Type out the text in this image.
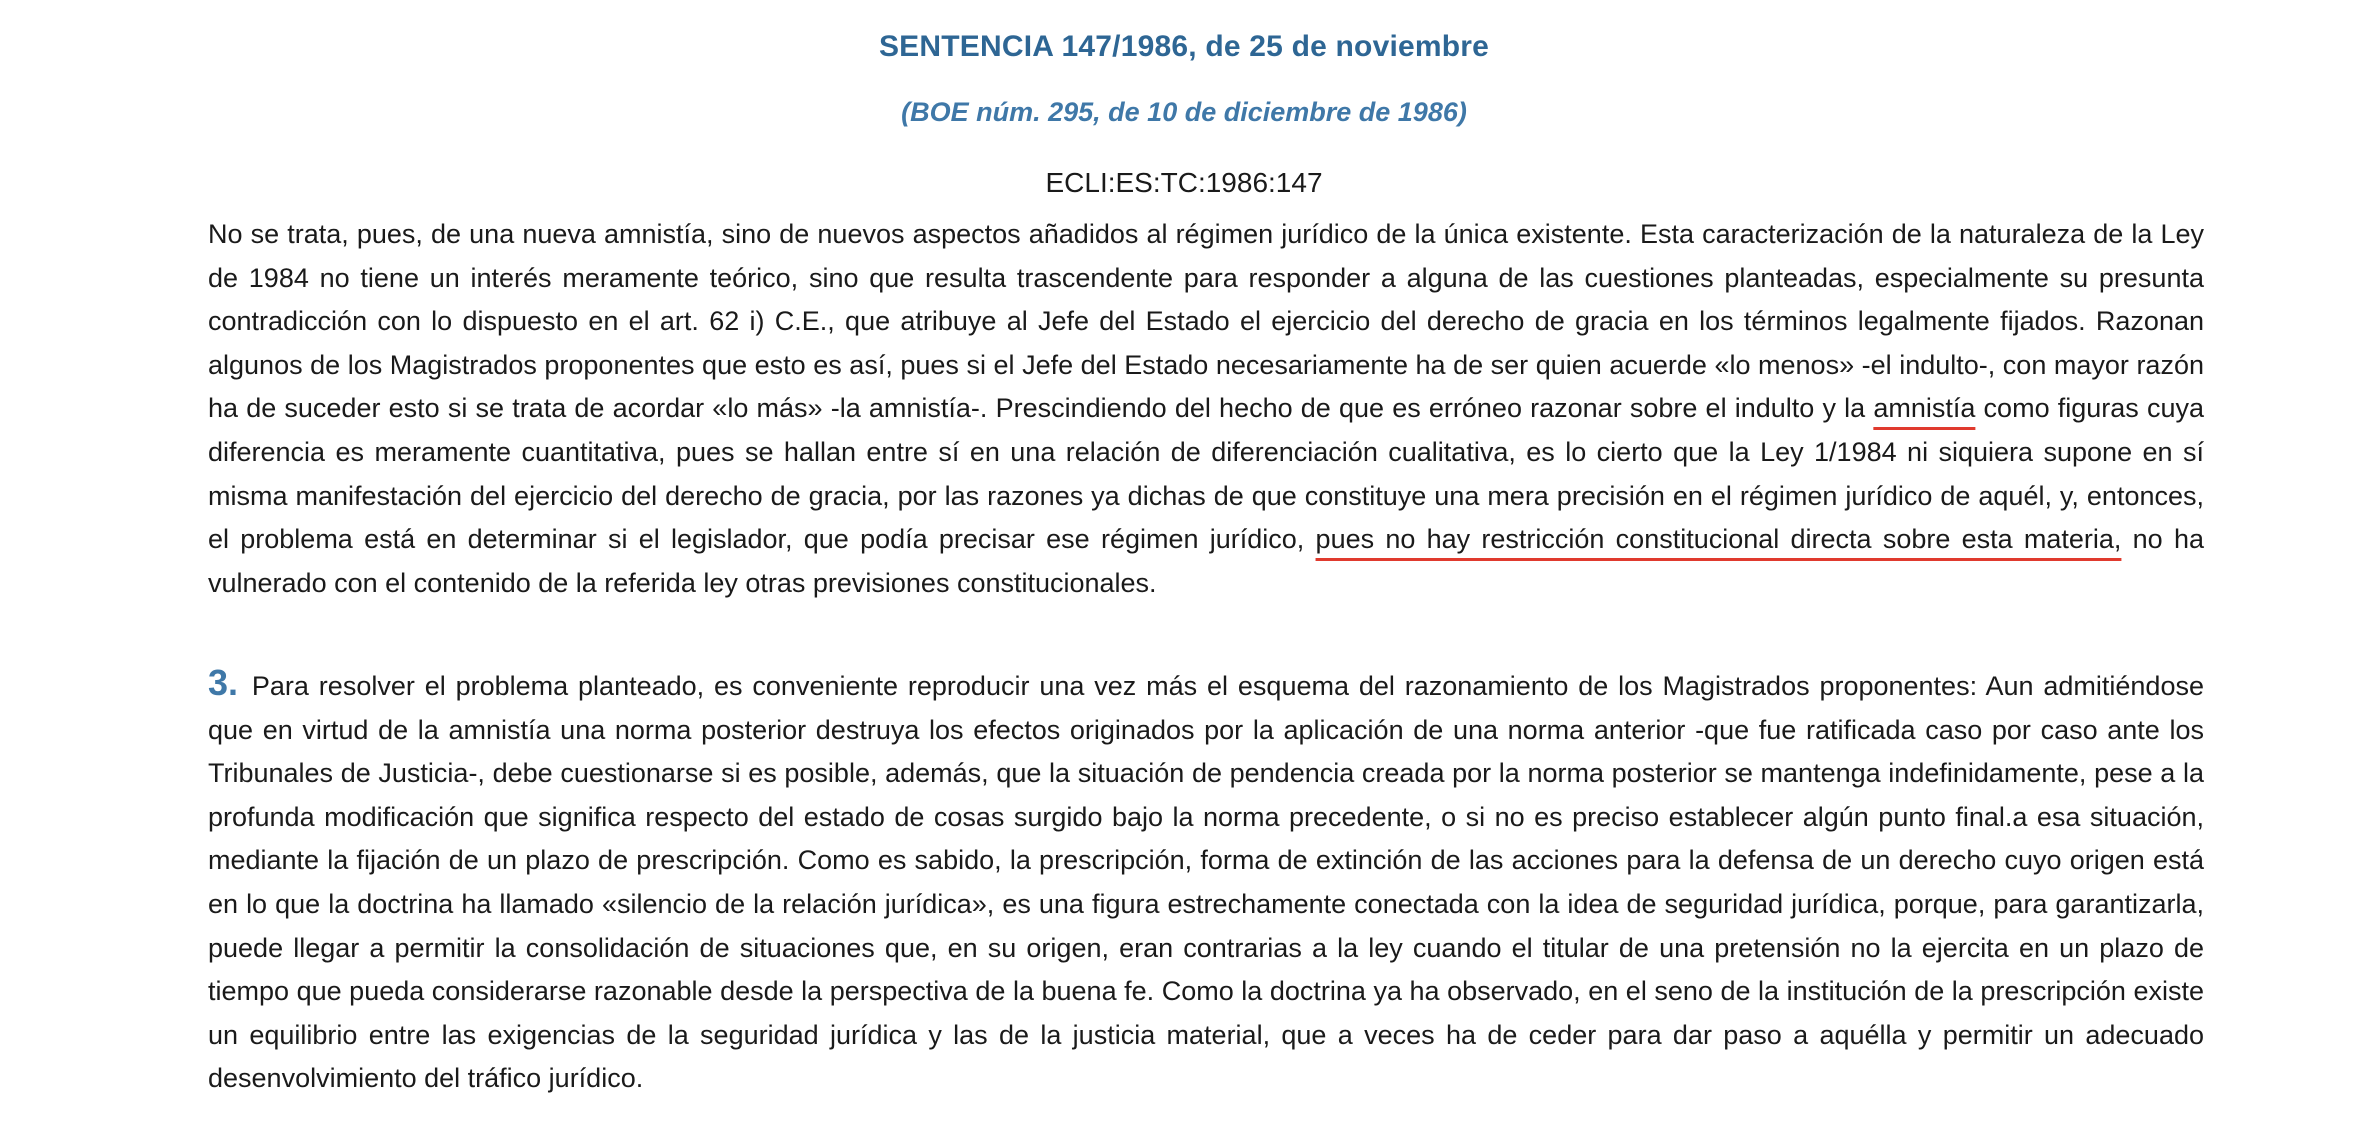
SENTENCIA 147/1986, de 25 de noviembre
(BOE núm. 295, de 10 de diciembre de 1986)
ECLI:ES:TC:1986:147

No se trata, pues, de una nueva amnistía, sino de nuevos aspectos añadidos al régimen jurídico de la única existente. Esta caracterización de la naturaleza de la Ley de 1984 no tiene un interés meramente teórico, sino que resulta trascendente para responder a alguna de las cuestiones planteadas, especialmente su presunta contradicción con lo dispuesto en el art. 62 i) C.E., que atribuye al Jefe del Estado el ejercicio del derecho de gracia en los términos legalmente fijados. Razonan algunos de los Magistrados proponentes que esto es así, pues si el Jefe del Estado necesariamente ha de ser quien acuerde «lo menos» -el indulto-, con mayor razón ha de suceder esto si se trata de acordar «lo más» -la amnistía-. Prescindiendo del hecho de que es erróneo razonar sobre el indulto y la amnistía como figuras cuya diferencia es meramente cuantitativa, pues se hallan entre sí en una relación de diferenciación cualitativa, es lo cierto que la Ley 1/1984 ni siquiera supone en sí misma manifestación del ejercicio del derecho de gracia, por las razones ya dichas de que constituye una mera precisión en el régimen jurídico de aquél, y, entonces, el problema está en determinar si el legislador, que podía precisar ese régimen jurídico, pues no hay restricción constitucional directa sobre esta materia, no ha vulnerado con el contenido de la referida ley otras previsiones constitucionales.

3. Para resolver el problema planteado, es conveniente reproducir una vez más el esquema del razonamiento de los Magistrados proponentes: Aun admitiéndose que en virtud de la amnistía una norma posterior destruya los efectos originados por la aplicación de una norma anterior -que fue ratificada caso por caso ante los Tribunales de Justicia-, debe cuestionarse si es posible, además, que la situación de pendencia creada por la norma posterior se mantenga indefinidamente, pese a la profunda modificación que significa respecto del estado de cosas surgido bajo la norma precedente, o si no es preciso establecer algún punto final.a esa situación, mediante la fijación de un plazo de prescripción. Como es sabido, la prescripción, forma de extinción de las acciones para la defensa de un derecho cuyo origen está en lo que la doctrina ha llamado «silencio de la relación jurídica», es una figura estrechamente conectada con la idea de seguridad jurídica, porque, para garantizarla, puede llegar a permitir la consolidación de situaciones que, en su origen, eran contrarias a la ley cuando el titular de una pretensión no la ejercita en un plazo de tiempo que pueda considerarse razonable desde la perspectiva de la buena fe. Como la doctrina ya ha observado, en el seno de la institución de la prescripción existe un equilibrio entre las exigencias de la seguridad jurídica y las de la justicia material, que a veces ha de ceder para dar paso a aquélla y permitir un adecuado desenvolvimiento del tráfico jurídico.
